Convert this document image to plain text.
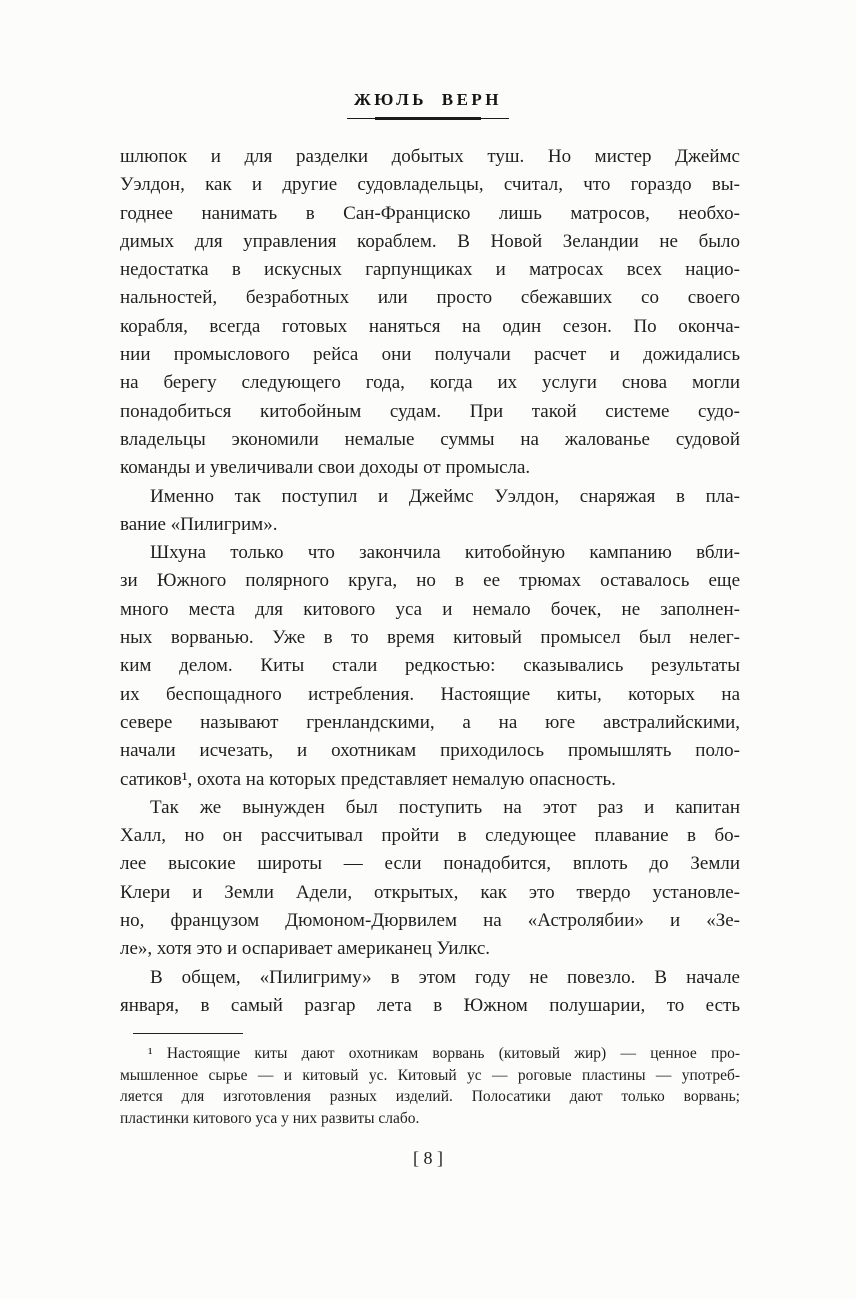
ЖЮЛЬ ВЕРН
шлюпок и для разделки добытых туш. Но мистер Джеймс
Уэлдон, как и другие судовладельцы, считал, что гораздо вы-
годнее нанимать в Сан-Франциско лишь матросов, необхо-
димых для управления кораблем. В Новой Зеландии не было
недостатка в искусных гарпунщиках и матросах всех нацио-
нальностей, безработных или просто сбежавших со своего
корабля, всегда готовых наняться на один сезон. По оконча-
нии промыслового рейса они получали расчет и дожидались
на берегу следующего года, когда их услуги снова могли
понадобиться китобойным судам. При такой системе судо-
владельцы экономили немалые суммы на жалованье судовой
команды и увеличивали свои доходы от промысла.
Именно так поступил и Джеймс Уэлдон, снаряжая в пла-
вание «Пилигрим».
Шхуна только что закончила китобойную кампанию вбли-
зи Южного полярного круга, но в ее трюмах оставалось еще
много места для китового уса и немало бочек, не заполнен-
ных ворванью. Уже в то время китовый промысел был нелег-
ким делом. Киты стали редкостью: сказывались результаты
их беспощадного истребления. Настоящие киты, которых на
севере называют гренландскими, а на юге австралийскими,
начали исчезать, и охотникам приходилось промышлять поло-
сатиков¹, охота на которых представляет немалую опасность.
Так же вынужден был поступить на этот раз и капитан
Халл, но он рассчитывал пройти в следующее плавание в бо-
лее высокие широты — если понадобится, вплоть до Земли
Клери и Земли Адели, открытых, как это твердо установле-
но, французом Дюмоном-Дюрвилем на «Астролябии» и «Зе-
ле», хотя это и оспаривает американец Уилкс.
В общем, «Пилигриму» в этом году не повезло. В начале
января, в самый разгар лета в Южном полушарии, то есть
¹ Настоящие киты дают охотникам ворвань (китовый жир) — ценное про-
мышленное сырье — и китовый ус. Китовый ус — роговые пластины — употреб-
ляется для изготовления разных изделий. Полосатики дают только ворвань;
пластинки китового уса у них развиты слабо.
[ 8 ]
